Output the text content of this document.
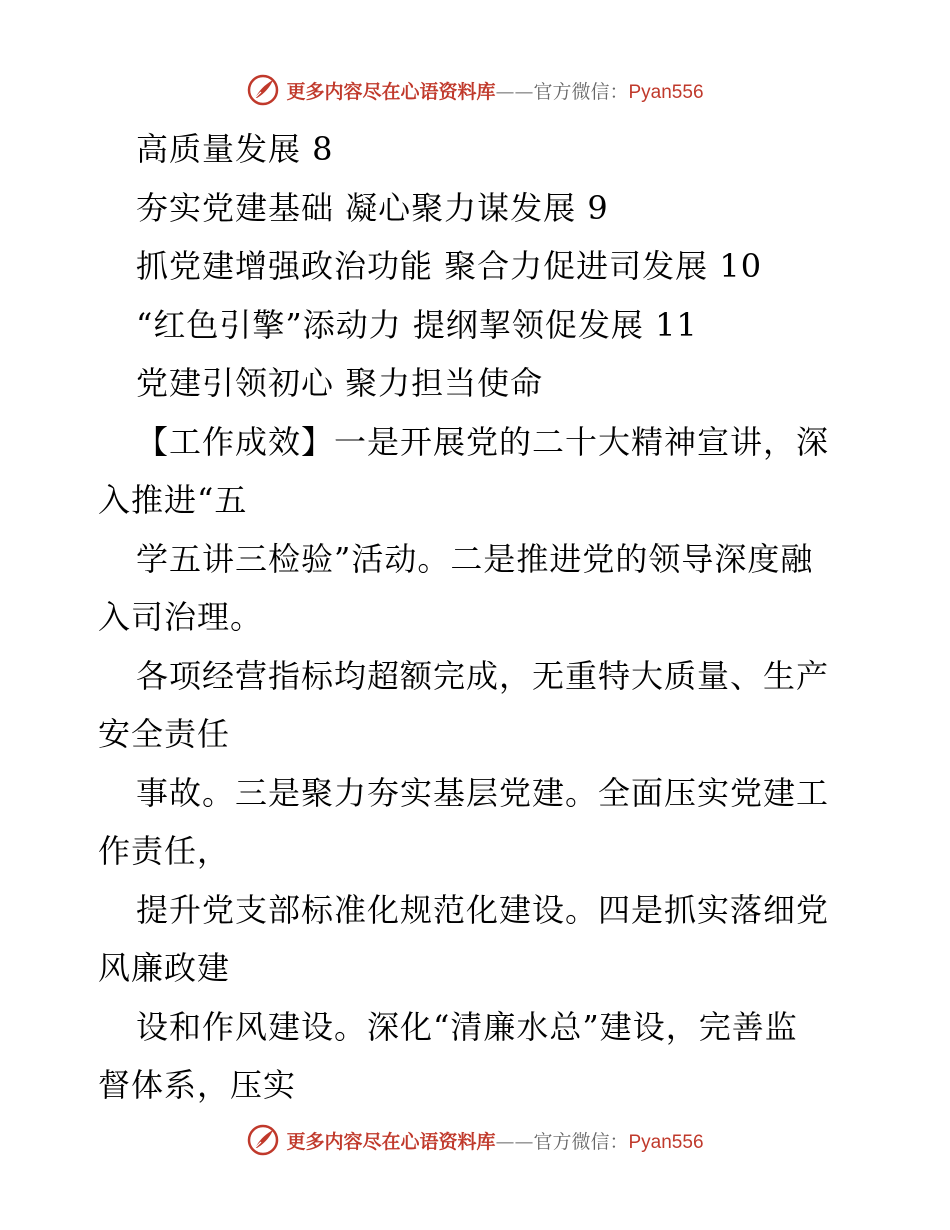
更多内容尽在心语资料库——官方微信：Pyan556
高质量发展 8
夯实党建基础 凝心聚力谋发展 9
抓党建增强政治功能 聚合力促进司发展 10
“红色引擎”添动力 提纲挈领促发展 11
党建引领初心 聚力担当使命
【工作成效】一是开展党的二十大精神宣讲，深
入推进“五
学五讲三检验”活动。二是推进党的领导深度融
入司治理。
各项经营指标均超额完成，无重特大质量、生产
安全责任
事故。三是聚力夯实基层党建。全面压实党建工
作责任，
提升党支部标准化规范化建设。四是抓实落细党
风廉政建
设和作风建设。深化“清廉水总”建设，完善监
督体系，压实
更多内容尽在心语资料库——官方微信：Pyan556
